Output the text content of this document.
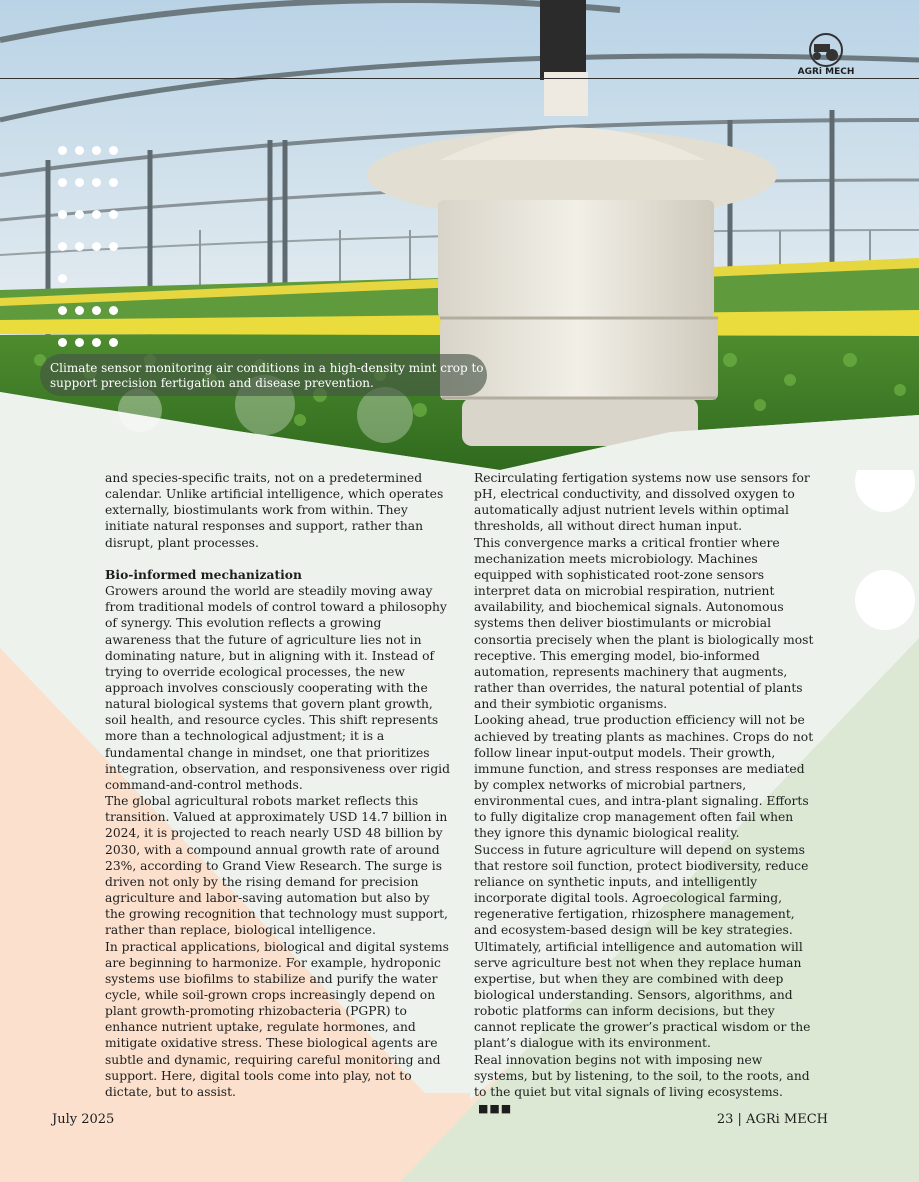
AGRi MECH

Climate sensor monitoring air conditions in a high-density mint crop to support precision fertigation and disease prevention.

and species-specific traits, not on a predetermined calendar. Unlike artificial intelligence, which operates externally, biostimulants work from within. They initiate natural responses and support, rather than disrupt, plant processes.

Bio-informed mechanization

Growers around the world are steadily moving away from traditional models of control toward a philosophy of synergy. This evolution reflects a growing awareness that the future of agriculture lies not in dominating nature, but in aligning with it. Instead of trying to override ecological processes, the new approach involves consciously cooperating with the natural biological systems that govern plant growth, soil health, and resource cycles. This shift represents more than a technological adjustment; it is a fundamental change in mindset, one that prioritizes integration, observation, and responsiveness over rigid command-and-control methods.

The global agricultural robots market reflects this transition. Valued at approximately USD 14.7 billion in 2024, it is projected to reach nearly USD 48 billion by 2030, with a compound annual growth rate of around 23%, according to Grand View Research. The surge is driven not only by the rising demand for precision agriculture and labor-saving automation but also by the growing recognition that technology must support, rather than replace, biological intelligence.

In practical applications, biological and digital systems are beginning to harmonize. For example, hydroponic systems use biofilms to stabilize and purify the water cycle, while soil-grown crops increasingly depend on plant growth-promoting rhizobacteria (PGPR) to enhance nutrient uptake, regulate hormones, and mitigate oxidative stress. These biological agents are subtle and dynamic, requiring careful monitoring and support. Here, digital tools come into play, not to dictate, but to assist.

Recirculating fertigation systems now use sensors for pH, electrical conductivity, and dissolved oxygen to automatically adjust nutrient levels within optimal thresholds, all without direct human input.

This convergence marks a critical frontier where mechanization meets microbiology. Machines equipped with sophisticated root-zone sensors interpret data on microbial respiration, nutrient availability, and biochemical signals. Autonomous systems then deliver biostimulants or microbial consortia precisely when the plant is biologically most receptive. This emerging model, bio-informed automation, represents machinery that augments, rather than overrides, the natural potential of plants and their symbiotic organisms.

Looking ahead, true production efficiency will not be achieved by treating plants as machines. Crops do not follow linear input-output models. Their growth, immune function, and stress responses are mediated by complex networks of microbial partners, environmental cues, and intra-plant signaling. Efforts to fully digitalize crop management often fail when they ignore this dynamic biological reality.

Success in future agriculture will depend on systems that restore soil function, protect biodiversity, reduce reliance on synthetic inputs, and intelligently incorporate digital tools. Agroecological farming, regenerative fertigation, rhizosphere management, and ecosystem-based design will be key strategies.

Ultimately, artificial intelligence and automation will serve agriculture best not when they replace human expertise, but when they are combined with deep biological understanding. Sensors, algorithms, and robotic platforms can inform decisions, but they cannot replicate the grower’s practical wisdom or the plant’s dialogue with its environment.

Real innovation begins not with imposing new systems, but by listening, to the soil, to the roots, and to the quiet but vital signals of living ecosystems.■■■

July 2025	23 | AGRi MECH
